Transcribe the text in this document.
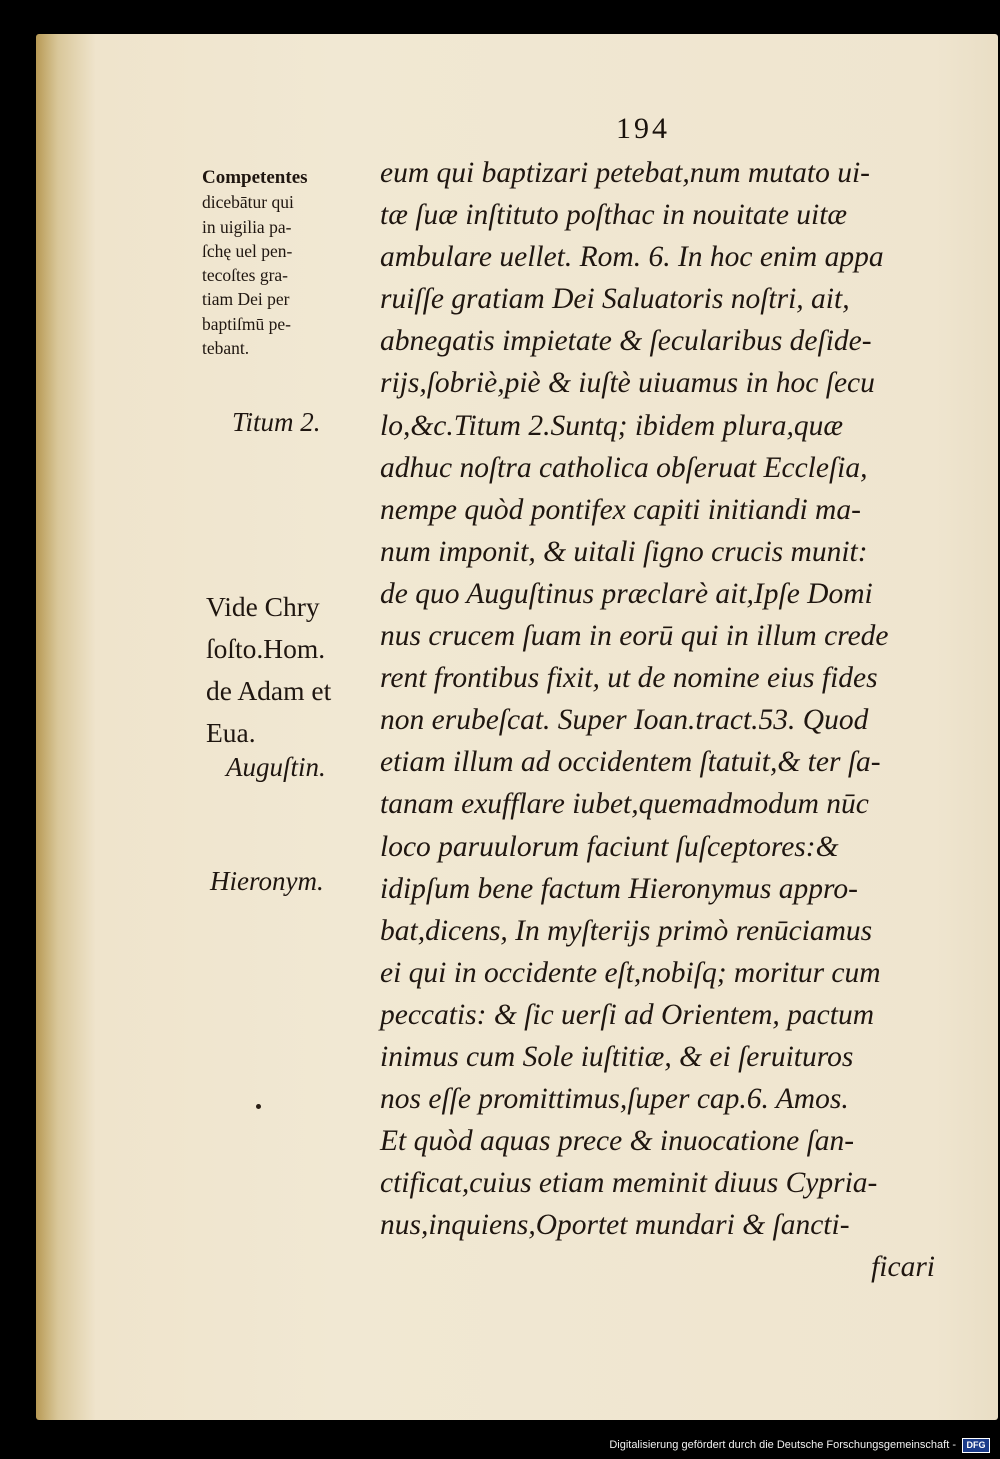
194
eum qui baptizari petebat,num mutato ui-
tæ ſuæ inſtituto poſthac in nouitate uitæ
ambulare uellet. Rom. 6. In hoc enim appa
ruiſſe gratiam Dei Saluatoris noſtri, ait,
abnegatis impietate & ſecularibus deſide-
rijs,ſobriè,piè & iuſtè uiuamus in hoc ſecu
lo,&c.Titum 2.Suntq; ibidem plura,quæ
adhuc noſtra catholica obſeruat Eccleſia,
nempe quòd pontifex capiti initiandi ma-
num imponit, & uitali ſigno crucis munit:
de quo Auguſtinus præclarè ait,Ipſe Domi
nus crucem ſuam in eorū qui in illum crede
rent frontibus fixit, ut de nomine eius fides
non erubeſcat. Super Ioan.tract.53. Quod
etiam illum ad occidentem ſtatuit,& ter ſa-
tanam exufflare iubet,quemadmodum nūc
loco paruulorum faciunt ſuſceptores:&
idipſum bene factum Hieronymus appro-
bat,dicens, In myſterijs primò renūciamus
ei qui in occidente eſt,nobiſq; moritur cum
peccatis: & ſic uerſi ad Orientem, pactum
inimus cum Sole iuſtitiæ, & ei ſeruituros
nos eſſe promittimus,ſuper cap.6. Amos.
Et quòd aquas prece & inuocatione ſan-
ctificat,cuius etiam meminit diuus Cypria-
nus,inquiens,Oportet mundari & ſancti-
ficari
Competentes
dicebātur qui
in uigilia pa-
ſchę uel pen-
tecoſtes gra-
tiam Dei per
baptiſmū pe-
tebant.
Titum 2.
Vide Chry
ſoſto.Hom.
de Adam et
Eua.
Auguſtin.
Hieronym.
Digitalisierung gefördert durch die Deutsche Forschungsgemeinschaft -	DFG
